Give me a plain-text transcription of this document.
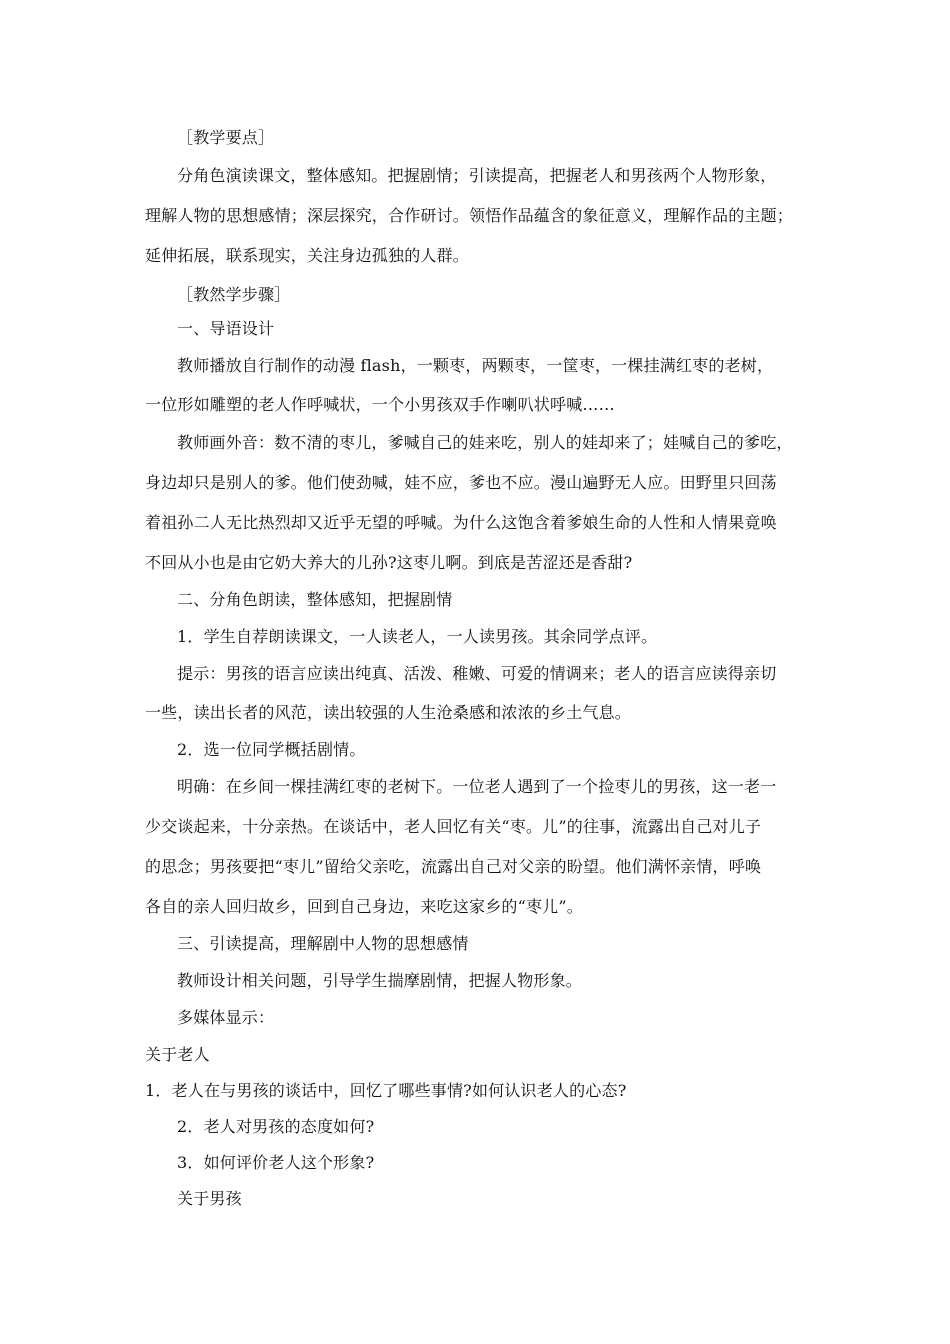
［教学要点］
分角色演读课文，整体感知。把握剧情；引读提高，把握老人和男孩两个人物形象，
理解人物的思想感情；深层探究，合作研讨。领悟作品蕴含的象征意义，理解作品的主题；
延伸拓展，联系现实，关注身边孤独的人群。
［教然学步骤］
一、导语设计
教师播放自行制作的动漫 flash，一颗枣，两颗枣，一筐枣，一棵挂满红枣的老树，
一位形如雕塑的老人作呼喊状，一个小男孩双手作喇叭状呼喊……
教师画外音：数不清的枣儿，爹喊自己的娃来吃，别人的娃却来了；娃喊自己的爹吃，
身边却只是别人的爹。他们使劲喊，娃不应，爹也不应。漫山遍野无人应。田野里只回荡
着祖孙二人无比热烈却又近乎无望的呼喊。为什么这饱含着爹娘生命的人性和人情果竟唤
不回从小也是由它奶大养大的儿孙?这枣儿啊。到底是苦涩还是香甜?
二、分角色朗读，整体感知，把握剧情
1．学生自荐朗读课文，一人读老人，一人读男孩。其余同学点评。
提示：男孩的语言应读出纯真、活泼、稚嫩、可爱的情调来；老人的语言应读得亲切
一些，读出长者的风范，读出较强的人生沧桑感和浓浓的乡土气息。
2．选一位同学概括剧情。
明确：在乡间一棵挂满红枣的老树下。一位老人遇到了一个捡枣儿的男孩，这一老一
少交谈起来，十分亲热。在谈话中，老人回忆有关“枣。儿”的往事，流露出自己对儿子
的思念；男孩要把“枣儿”留给父亲吃，流露出自己对父亲的盼望。他们满怀亲情，呼唤
各自的亲人回归故乡，回到自己身边，来吃这家乡的“枣儿”。
三、引读提高，理解剧中人物的思想感情
教师设计相关问题，引导学生揣摩剧情，把握人物形象。
多媒体显示：
关于老人
1．老人在与男孩的谈话中，回忆了哪些事情?如何认识老人的心态?
2．老人对男孩的态度如何?
3．如何评价老人这个形象?
关于男孩
